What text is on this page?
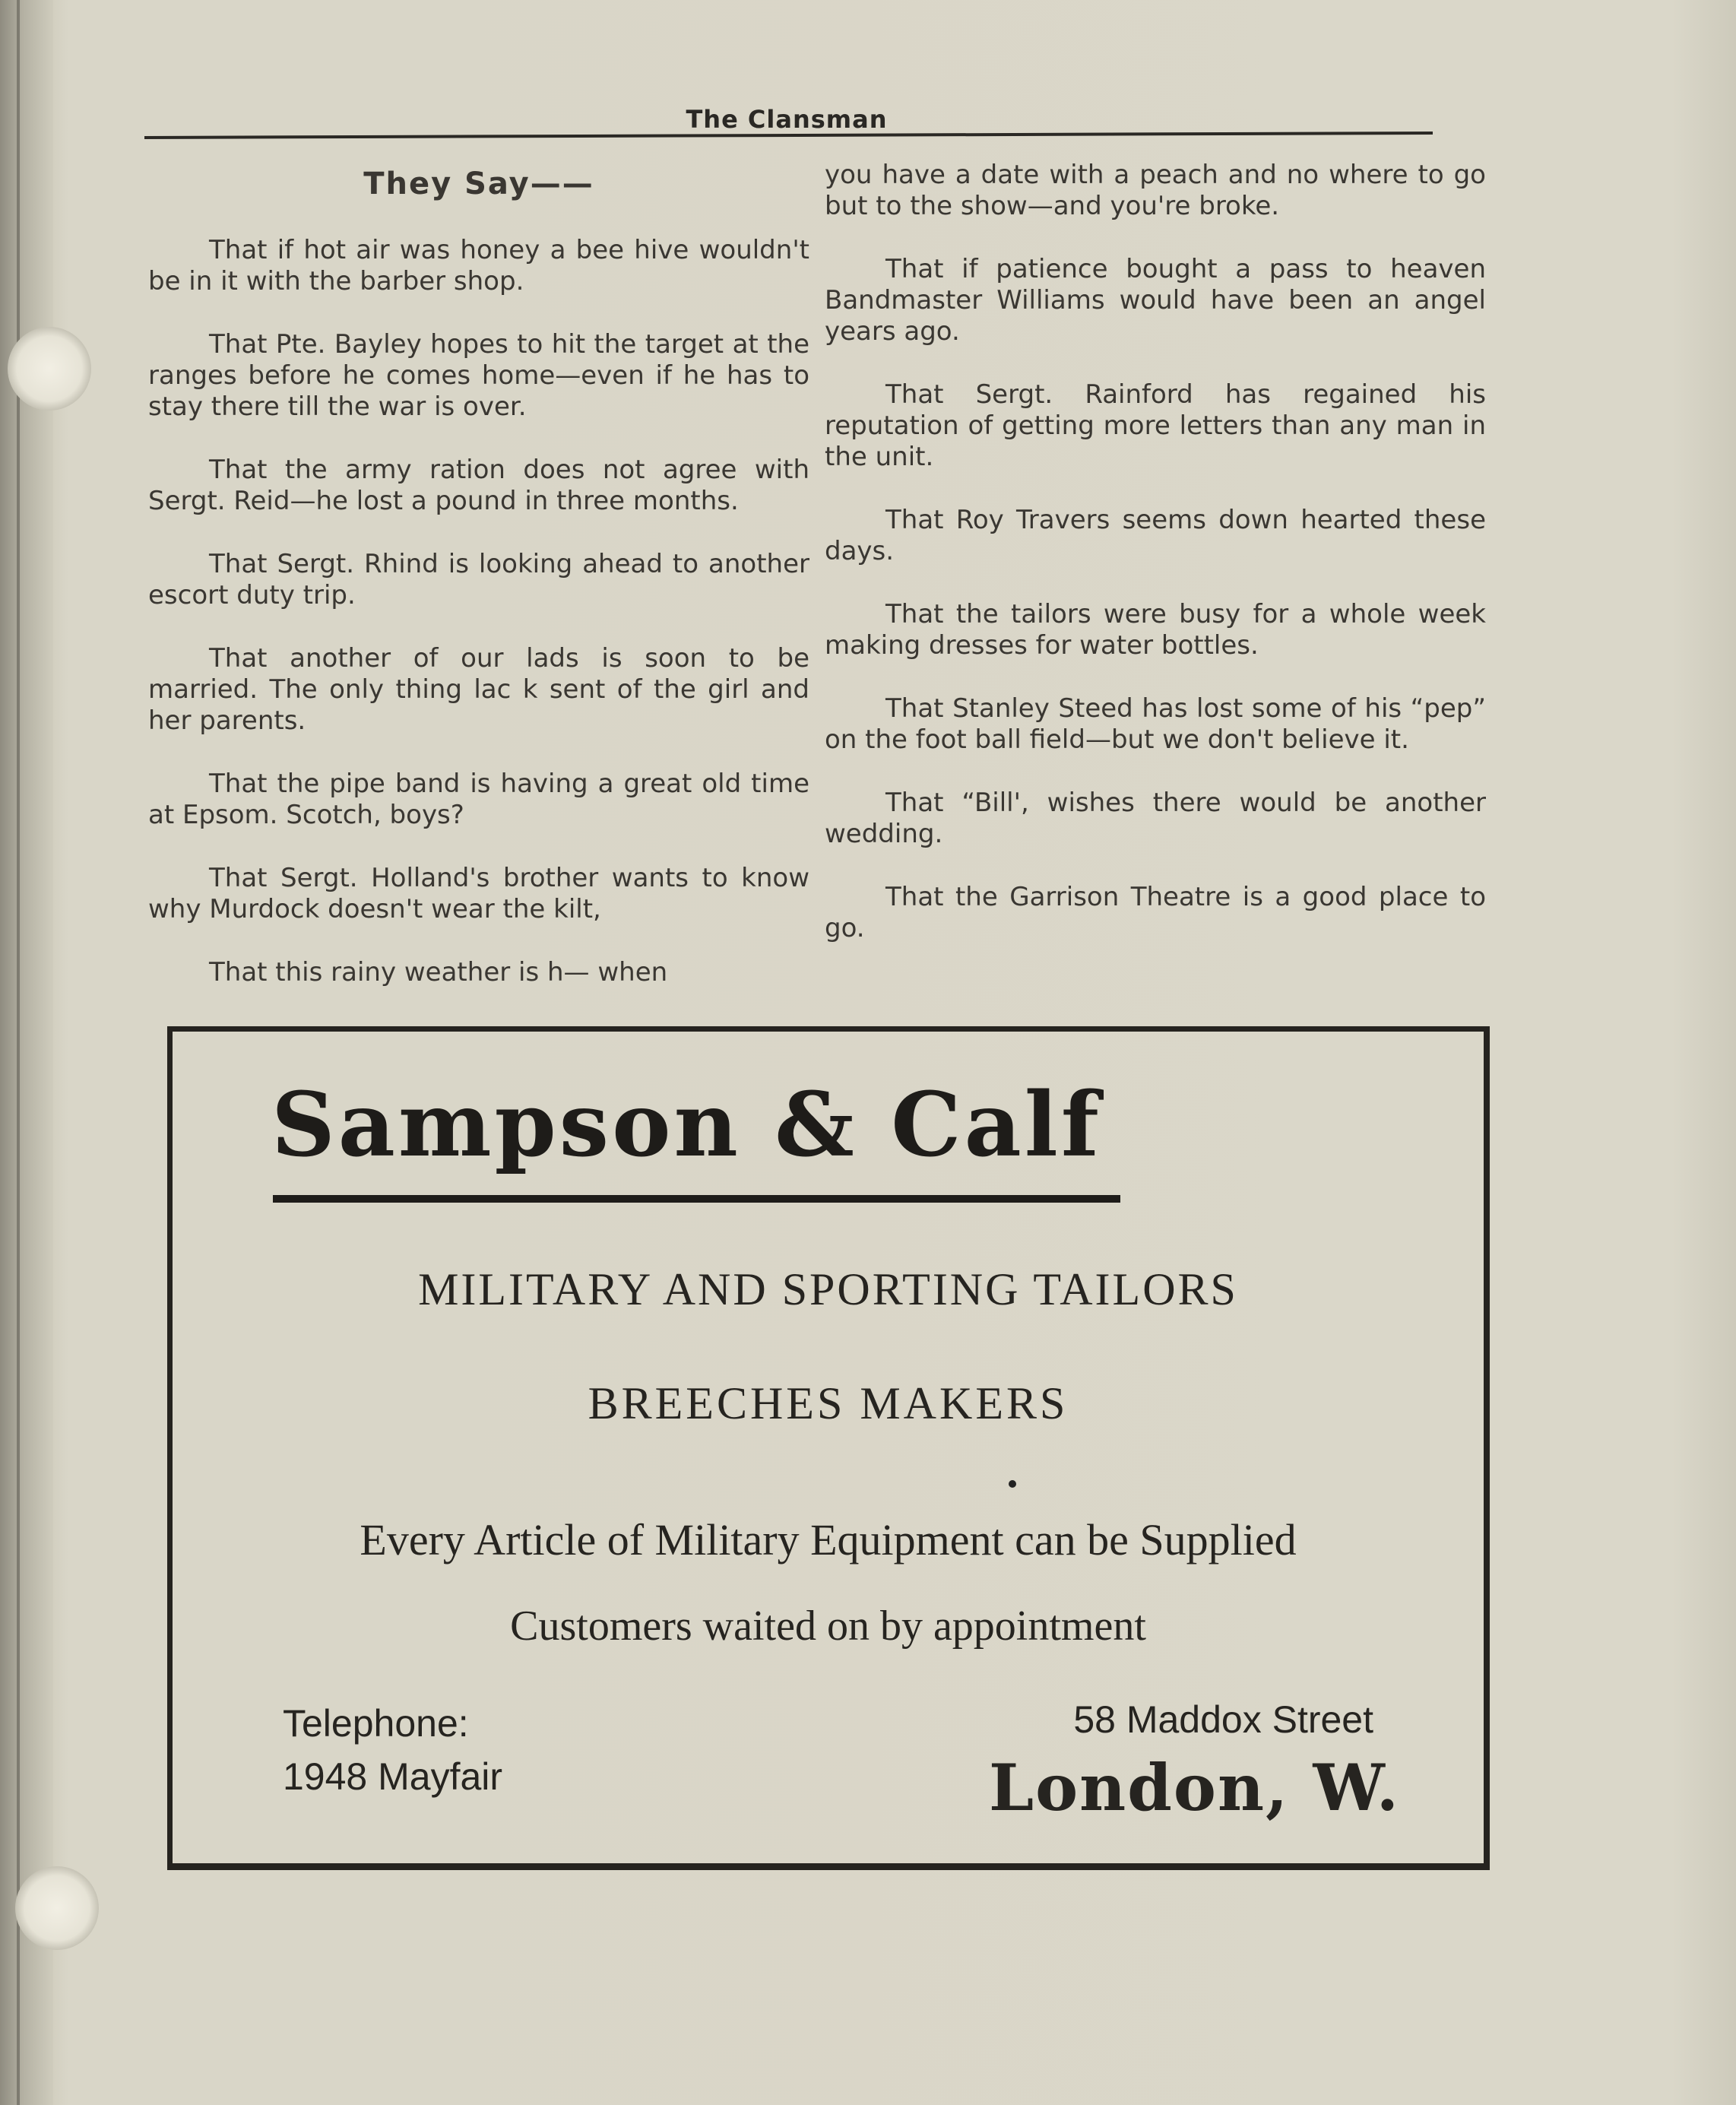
The Clansman
They Say——

That if hot air was honey a bee hive wouldn't be in it with the barber shop.

That Pte. Bayley hopes to hit the target at the ranges before he comes home—even if he has to stay there till the war is over.

That the army ration does not agree with Sergt. Reid—he lost a pound in three months.

That Sergt. Rhind is looking ahead to another escort duty trip.

That another of our lads is soon to be married. The only thing lac k sent of the girl and her parents.

That the pipe band is having a great old time at Epsom. Scotch, boys?

That Sergt. Holland's brother wants to know why Murdock doesn't wear the kilt,

That this rainy weather is h— when

you have a date with a peach and no where to go but to the show—and you're broke.

That if patience bought a pass to heaven Bandmaster Williams would have been an angel years ago.

That Sergt. Rainford has regained his reputation of getting more letters than any man in the unit.

That Roy Travers seems down hearted these days.

That the tailors were busy for a whole week making dresses for water bottles.

That Stanley Steed has lost some of his “pep” on the foot ball field—but we don't believe it.

That “Bill', wishes there would be another wedding.

That the Garrison Theatre is a good place to go.

Sampson & Calf
MILITARY AND SPORTING TAILORS
BREECHES MAKERS
Every Article of Military Equipment can be Supplied
Customers waited on by appointment
Telephone:
1948 Mayfair
58 Maddox Street
London, W.
